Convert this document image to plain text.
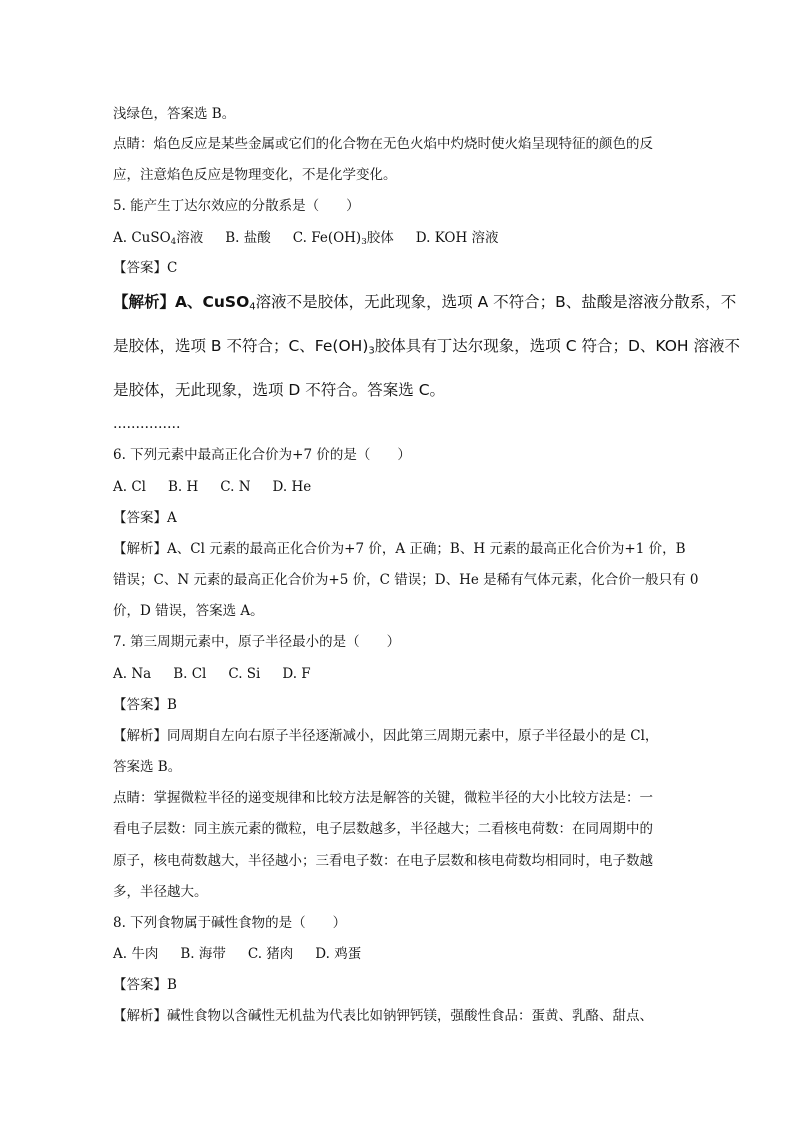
浅绿色，答案选 B。
点睛：焰色反应是某些金属或它们的化合物在无色火焰中灼烧时使火焰呈现特征的颜色的反
应，注意焰色反应是物理变化，不是化学变化。
5. 能产生丁达尔效应的分散系是（　　）
A. CuSO$_4$溶液 B. 盐酸 C. $Fe(OH)_3$胶体 D. KOH 溶液
【答案】C
【解析】A、CuSO$_4$溶液不是胶体，无此现象，选项 A 不符合；B、盐酸是溶液分散系，不
是胶体，选项 B 不符合；C、$Fe(OH)_3$胶体具有丁达尔现象，选项 C 符合；D、KOH 溶液不
是胶体，无此现象，选项 D 不符合。答案选 C。
……………
6. 下列元素中最高正化合价为+7 价的是（　　）
A. Cl B. H C. N D. He
【答案】A
【解析】A、Cl 元素的最高正化合价为+7 价，A 正确；B、H 元素的最高正化合价为+1 价，B
错误；C、N 元素的最高正化合价为+5 价，C 错误；D、He 是稀有气体元素，化合价一般只有 0
价，D 错误，答案选 A。
7. 第三周期元素中，原子半径最小的是（　　）
A. Na B. Cl C. Si D. F
【答案】B
【解析】同周期自左向右原子半径逐渐减小，因此第三周期元素中，原子半径最小的是 Cl，
答案选 B。
点睛：掌握微粒半径的递变规律和比较方法是解答的关键，微粒半径的大小比较方法是：一
看电子层数：同主族元素的微粒，电子层数越多，半径越大；二看核电荷数：在同周期中的
原子，核电荷数越大，半径越小；三看电子数：在电子层数和核电荷数均相同时，电子数越
多，半径越大。
8. 下列食物属于碱性食物的是（　　）
A. 牛肉 B. 海带 C. 猪肉 D. 鸡蛋
【答案】B
【解析】碱性食物以含碱性无机盐为代表比如钠钾钙镁，强酸性食品：蛋黄、乳酪、甜点、
